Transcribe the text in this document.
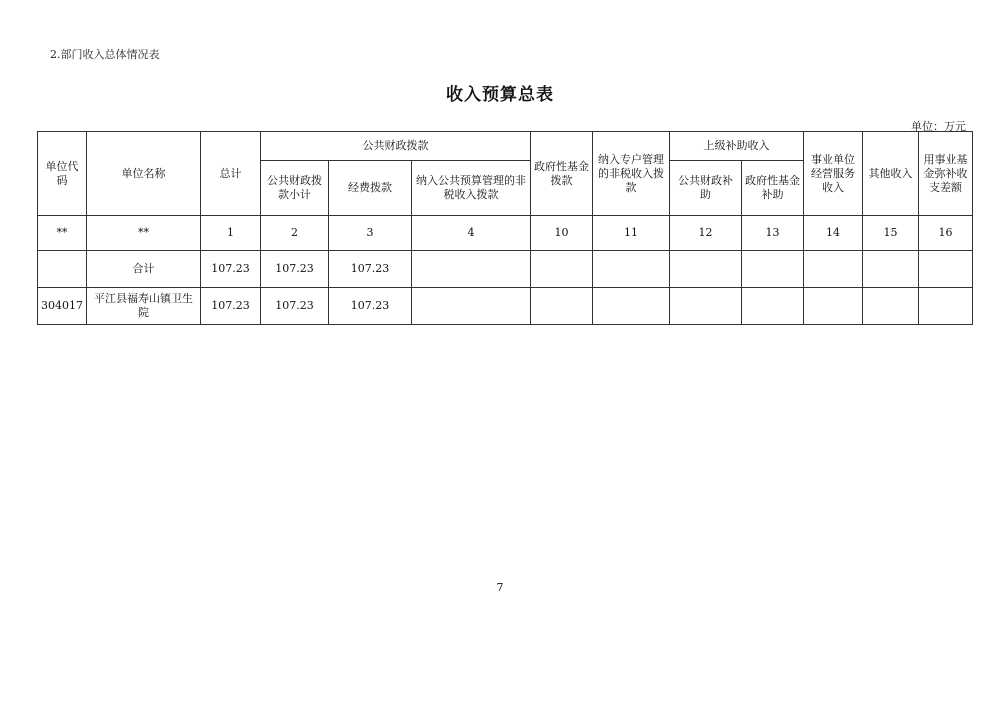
2.部门收入总体情况表
收入预算总表
单位：万元
单位代码	单位名称	总计	公共财政拨款			政府性基金拨款	纳入专户管理的非税收入拨款	上级补助收入		事业单位经营服务收入	其他收入	用事业基金弥补收支差额	
			公共财政拨款小计	经费拨款	纳入公共预算管理的非税收入拨款								
								公共财政补助	政府性基金补助				
**	**	1	2	3	4	10	11	12	13	14	15	16	
	合计	107.23	107.23	107.23									
304017	平江县福寿山镇卫生院	107.23	107.23	107.23									
7
